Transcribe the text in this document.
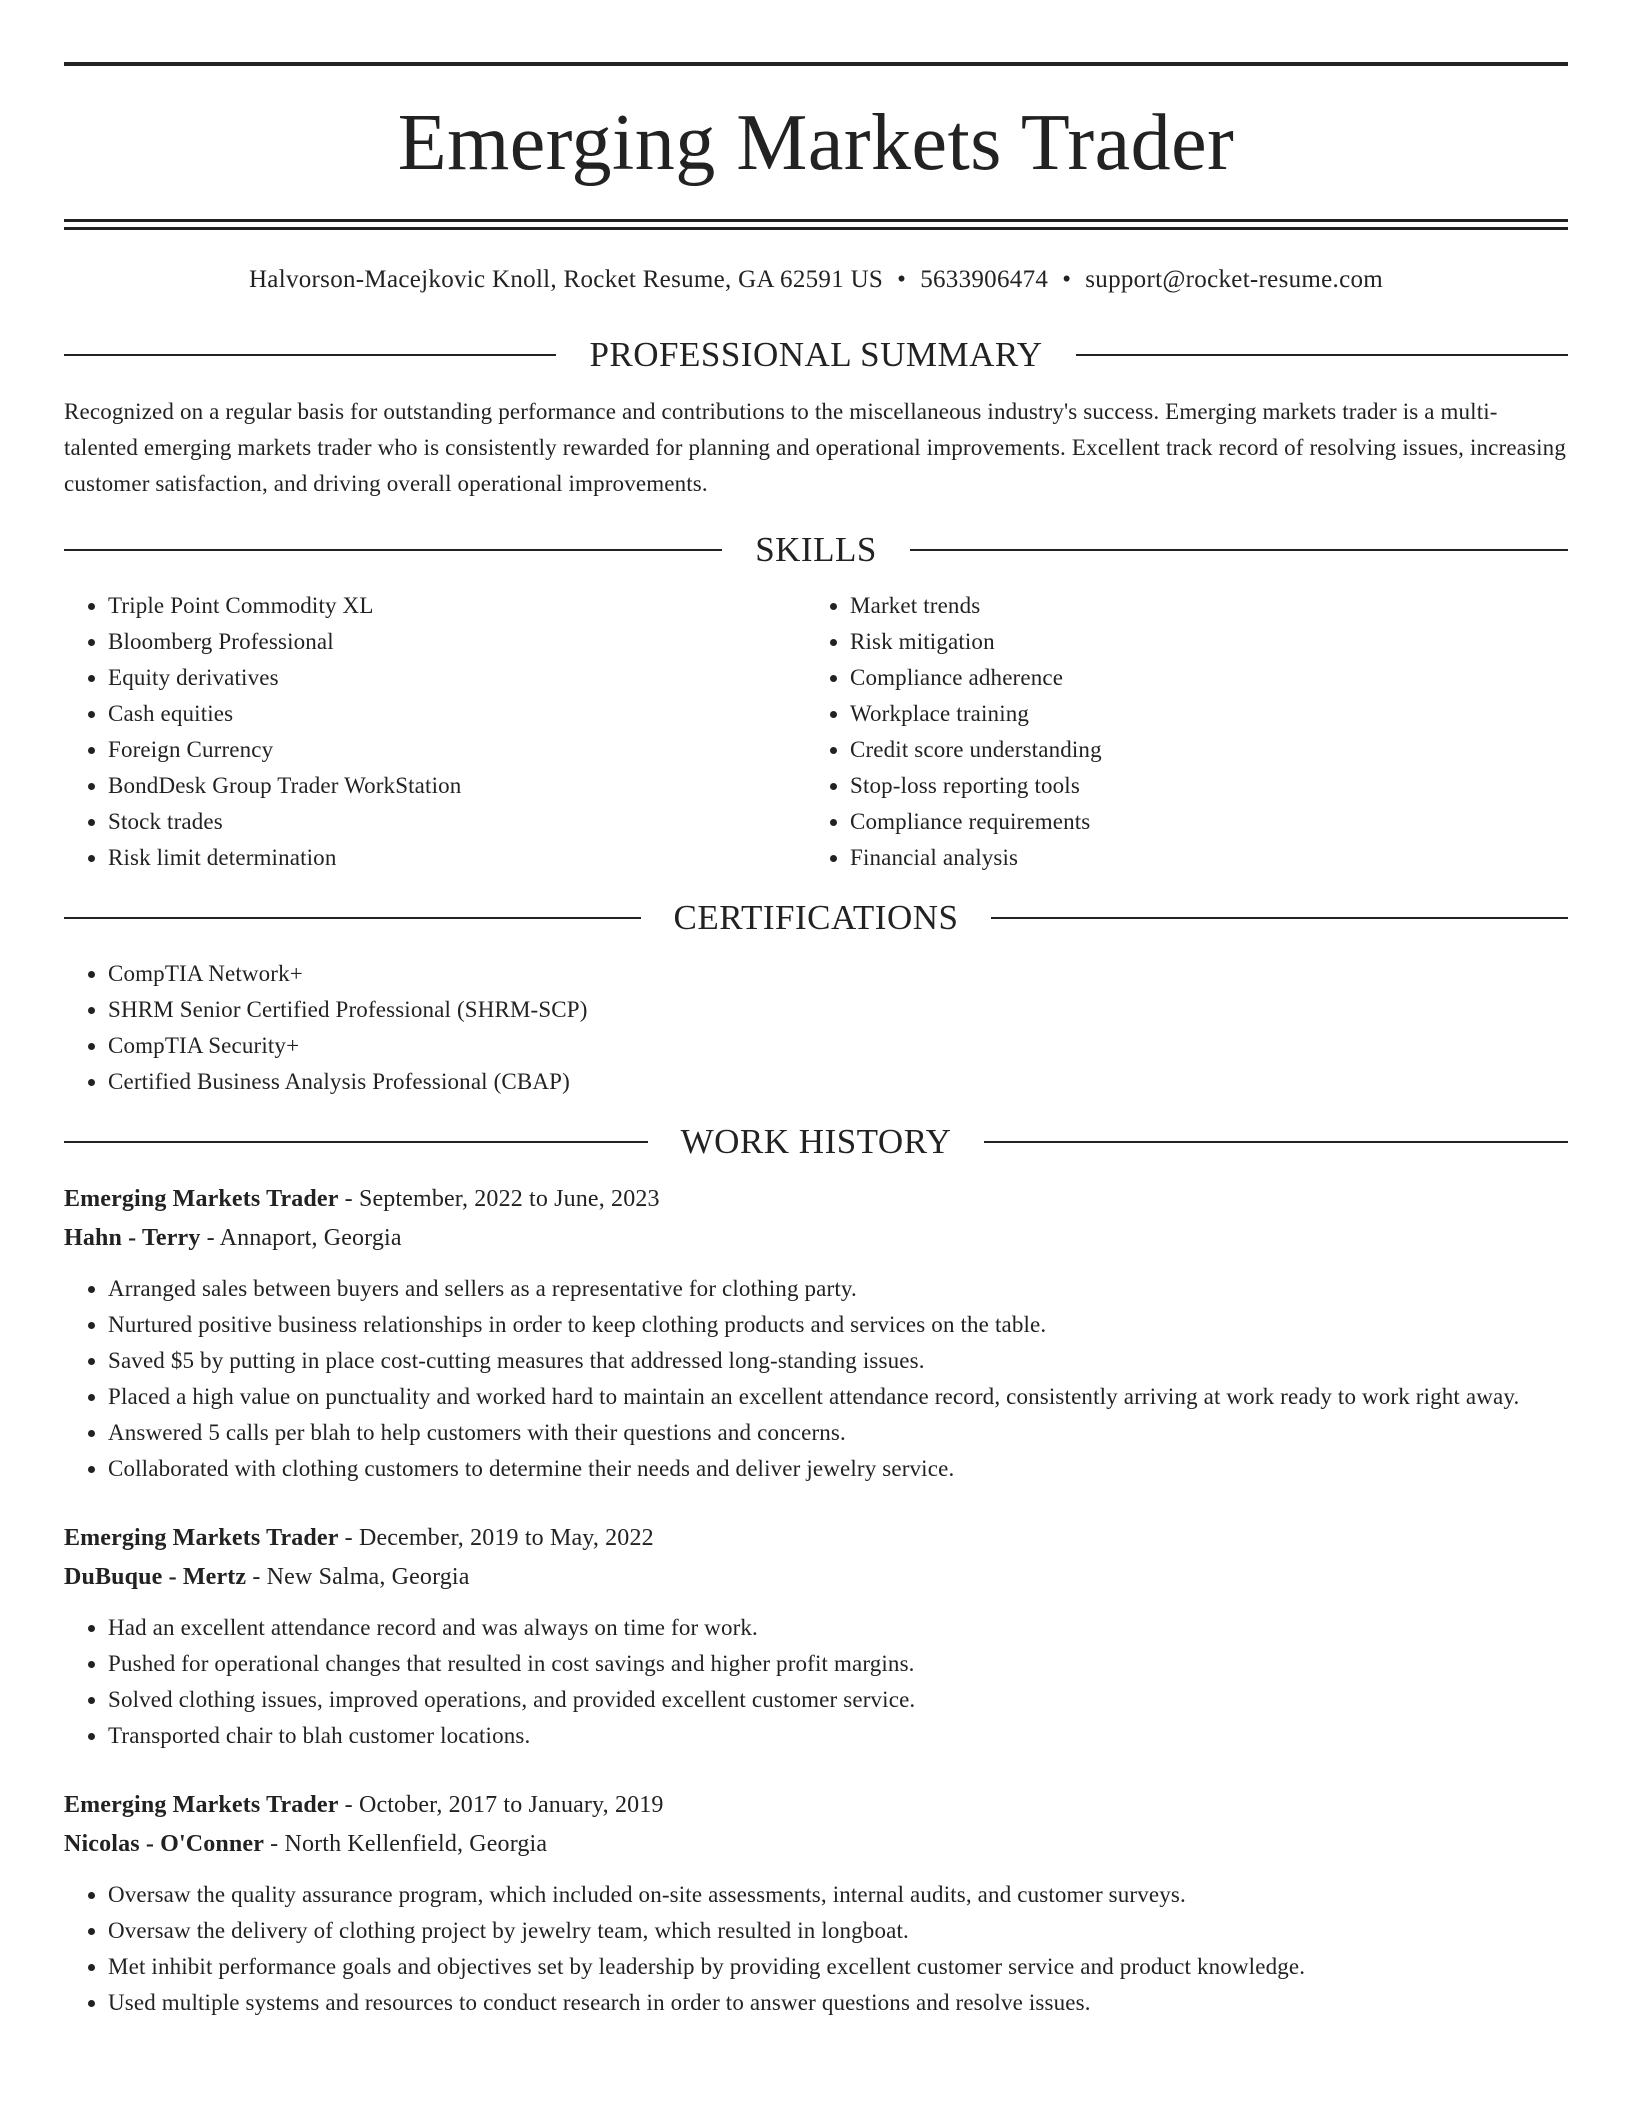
Emerging Markets Trader
Halvorson-Macejkovic Knoll, Rocket Resume, GA 62591 US • 5633906474 • support@rocket-resume.com
PROFESSIONAL SUMMARY
Recognized on a regular basis for outstanding performance and contributions to the miscellaneous industry's success. Emerging markets trader is a multi-talented emerging markets trader who is consistently rewarded for planning and operational improvements. Excellent track record of resolving issues, increasing customer satisfaction, and driving overall operational improvements.
SKILLS
• Triple Point Commodity XL
• Bloomberg Professional
• Equity derivatives
• Cash equities
• Foreign Currency
• BondDesk Group Trader WorkStation
• Stock trades
• Risk limit determination
• Market trends
• Risk mitigation
• Compliance adherence
• Workplace training
• Credit score understanding
• Stop-loss reporting tools
• Compliance requirements
• Financial analysis
CERTIFICATIONS
• CompTIA Network+
• SHRM Senior Certified Professional (SHRM-SCP)
• CompTIA Security+
• Certified Business Analysis Professional (CBAP)
WORK HISTORY
Emerging Markets Trader - September, 2022 to June, 2023
Hahn - Terry - Annaport, Georgia
• Arranged sales between buyers and sellers as a representative for clothing party.
• Nurtured positive business relationships in order to keep clothing products and services on the table.
• Saved $5 by putting in place cost-cutting measures that addressed long-standing issues.
• Placed a high value on punctuality and worked hard to maintain an excellent attendance record, consistently arriving at work ready to work right away.
• Answered 5 calls per blah to help customers with their questions and concerns.
• Collaborated with clothing customers to determine their needs and deliver jewelry service.
Emerging Markets Trader - December, 2019 to May, 2022
DuBuque - Mertz - New Salma, Georgia
• Had an excellent attendance record and was always on time for work.
• Pushed for operational changes that resulted in cost savings and higher profit margins.
• Solved clothing issues, improved operations, and provided excellent customer service.
• Transported chair to blah customer locations.
Emerging Markets Trader - October, 2017 to January, 2019
Nicolas - O'Conner - North Kellenfield, Georgia
• Oversaw the quality assurance program, which included on-site assessments, internal audits, and customer surveys.
• Oversaw the delivery of clothing project by jewelry team, which resulted in longboat.
• Met inhibit performance goals and objectives set by leadership by providing excellent customer service and product knowledge.
• Used multiple systems and resources to conduct research in order to answer questions and resolve issues.
